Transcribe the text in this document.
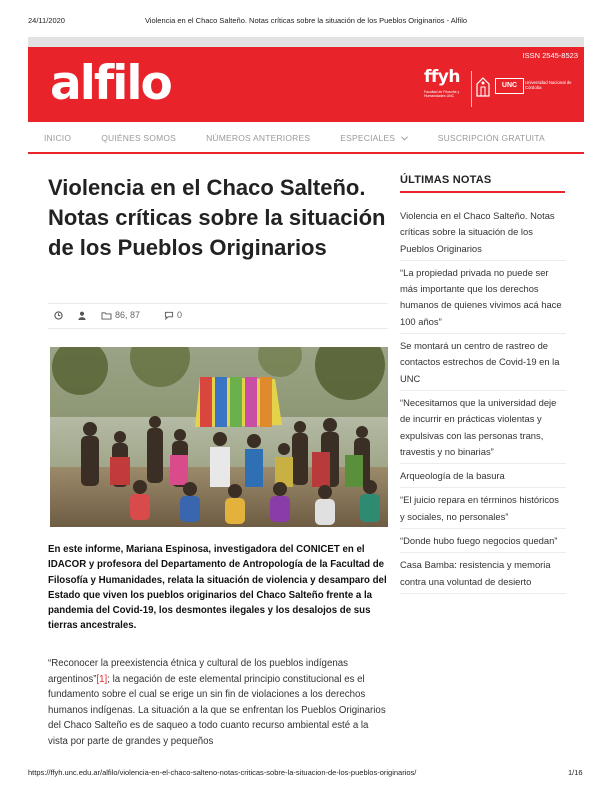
24/11/2020	Violencia en el Chaco Salteño. Notas críticas sobre la situación de los Pueblos Originarios - Alfilo
alfilo
ISSN 2545-8523
ffyh
Facultad de Filosofía y Humanidades UNC
UNC	Universidad Nacional de Córdoba
INICIO	QUIÉNES SOMOS	NÚMEROS ANTERIORES	ESPECIALES	SUSCRIPCIÓN GRATUITA
Violencia en el Chaco Salteño. Notas críticas sobre la situación de los Pueblos Originarios
86, 87	0

En este informe, Mariana Espinosa, investigadora del CONICET en el IDACOR y profesora del Departamento de Antropología de la Facultad de Filosofía y Humanidades, relata la situación de violencia y desamparo del Estado que viven los pueblos originarios del Chaco Salteño frente a la pandemia del Covid-19, los desmontes ilegales y los desalojos de sus tierras ancestrales.

“Reconocer la preexistencia étnica y cultural de los pueblos indígenas argentinos”[1]; la negación de este elemental principio constitucional es el fundamento sobre el cual se erige un sin fin de violaciones a los derechos humanos indígenas. La situación a la que se enfrentan los Pueblos Originarios del Chaco Salteño es de saqueo a todo cuanto recurso ambiental esté a la vista por parte de grandes y pequeños

ÚLTIMAS NOTAS
Violencia en el Chaco Salteño. Notas críticas sobre la situación de los Pueblos Originarios
“La propiedad privada no puede ser más importante que los derechos humanos de quienes vivimos acá hace 100 años”
Se montará un centro de rastreo de contactos estrechos de Covid-19 en la UNC
“Necesitamos que la universidad deje de incurrir en prácticas violentas y expulsivas con las personas trans, travestis y no binarias”
Arqueología de la basura
“El juicio repara en términos históricos y sociales, no personales”
“Donde hubo fuego negocios quedan”
Casa Bamba: resistencia y memoria contra una voluntad de desierto
https://ffyh.unc.edu.ar/alfilo/violencia-en-el-chaco-salteno-notas-criticas-sobre-la-situacion-de-los-pueblos-originarios/	1/16
